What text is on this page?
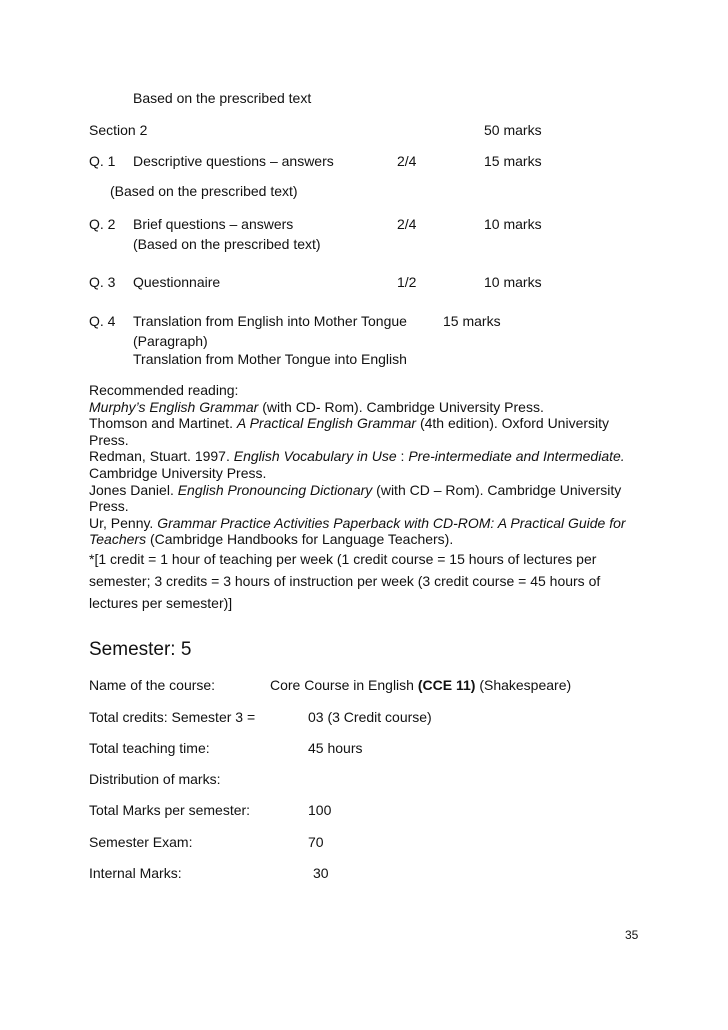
Based on the prescribed text
Section 2	50 marks
Q. 1 Descriptive questions – answers	2/4	15 marks
(Based on the prescribed text)
Q. 2 Brief questions – answers	2/4	10 marks
(Based on the prescribed text)
Q. 3 Questionnaire	1/2	10 marks
Q. 4 Translation from English into Mother Tongue	15 marks
(Paragraph)
Translation from Mother Tongue into English

Recommended reading:

Murphy’s English Grammar (with CD- Rom). Cambridge University Press.

Thomson and Martinet. A Practical English Grammar (4th edition). Oxford University Press.

Redman, Stuart. 1997. English Vocabulary in Use : Pre-intermediate and Intermediate. Cambridge University Press.

Jones Daniel. English Pronouncing Dictionary (with CD – Rom). Cambridge University Press.

Ur, Penny. Grammar Practice Activities Paperback with CD-ROM: A Practical Guide for Teachers (Cambridge Handbooks for Language Teachers).

*[1 credit = 1 hour of teaching per week (1 credit course = 15 hours of lectures per semester; 3 credits = 3 hours of instruction per week (3 credit course = 45 hours of lectures per semester)]

Semester: 5
Name of the course:	Core Course in English (CCE 11) (Shakespeare)
Total credits: Semester 3 =	03 (3 Credit course)
Total teaching time:	45 hours
Distribution of marks:
Total Marks per semester:	100
Semester Exam:	70
Internal Marks:	30
35
